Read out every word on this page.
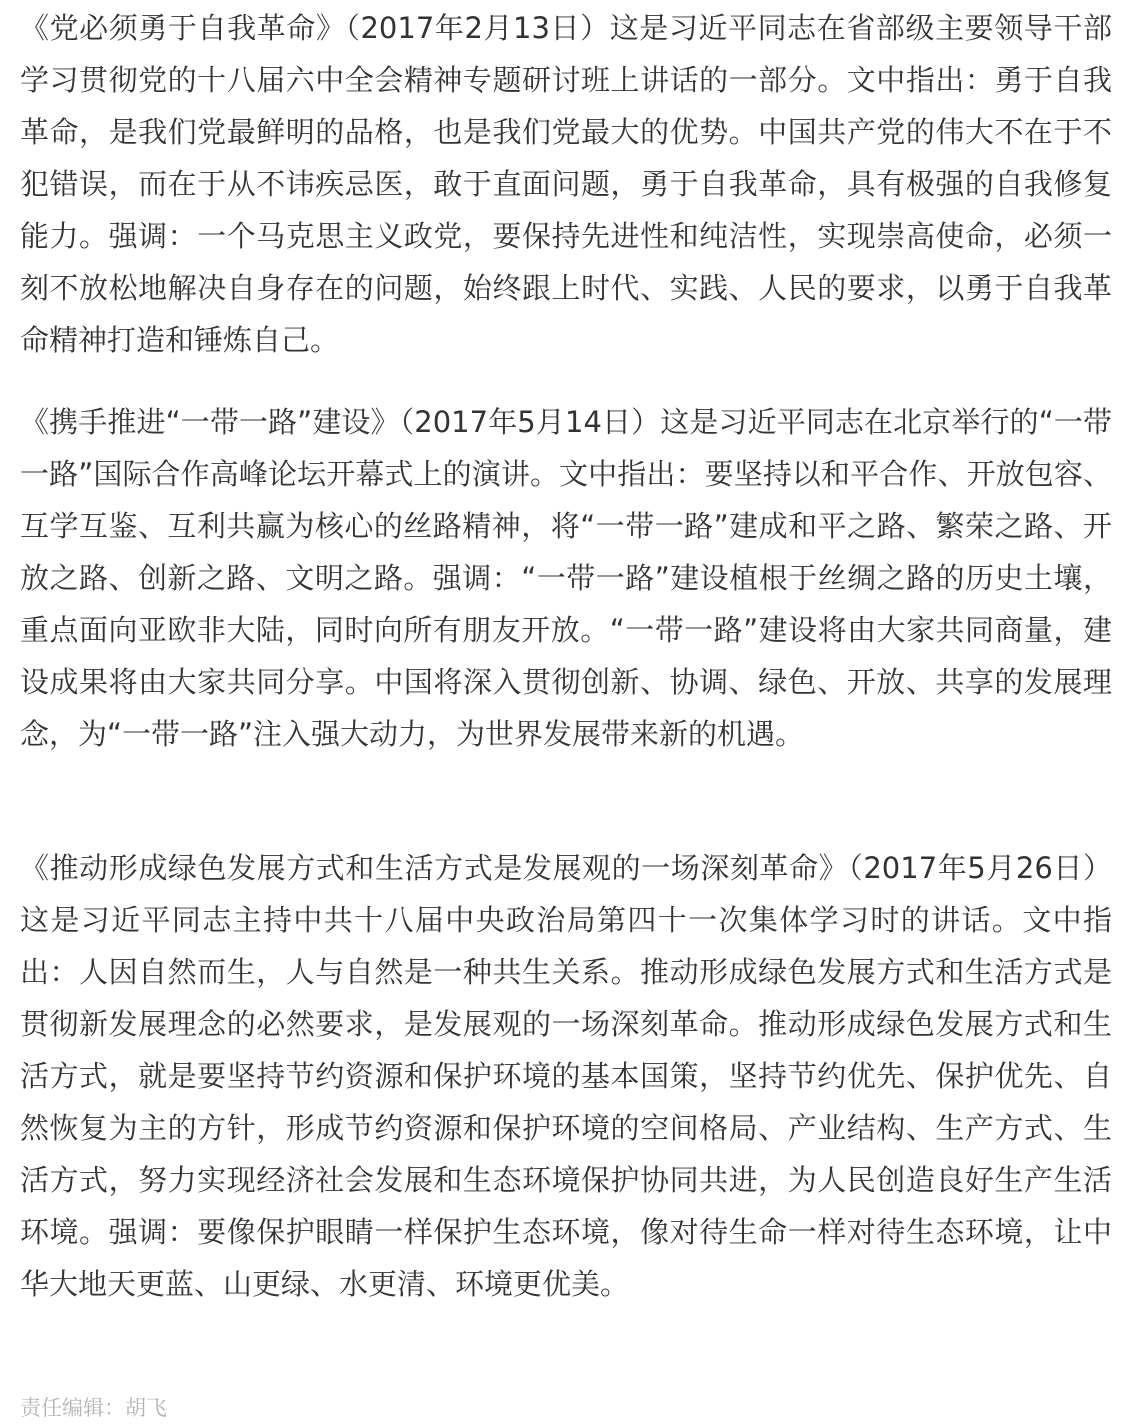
《党必须勇于自我革命》（2017年2月13日）这是习近平同志在省部级主要领导干部学习贯彻党的十八届六中全会精神专题研讨班上讲话的一部分。文中指出：勇于自我革命，是我们党最鲜明的品格，也是我们党最大的优势。中国共产党的伟大不在于不犯错误，而在于从不讳疾忌医，敢于直面问题，勇于自我革命，具有极强的自我修复能力。强调：一个马克思主义政党，要保持先进性和纯洁性，实现崇高使命，必须一刻不放松地解决自身存在的问题，始终跟上时代、实践、人民的要求，以勇于自我革命精神打造和锤炼自己。

《携手推进“一带一路”建设》（2017年5月14日）这是习近平同志在北京举行的“一带一路”国际合作高峰论坛开幕式上的演讲。文中指出：要坚持以和平合作、开放包容、互学互鉴、互利共赢为核心的丝路精神，将“一带一路”建成和平之路、繁荣之路、开放之路、创新之路、文明之路。强调：“一带一路”建设植根于丝绸之路的历史土壤，重点面向亚欧非大陆，同时向所有朋友开放。“一带一路”建设将由大家共同商量，建设成果将由大家共同分享。中国将深入贯彻创新、协调、绿色、开放、共享的发展理念，为“一带一路”注入强大动力，为世界发展带来新的机遇。

《推动形成绿色发展方式和生活方式是发展观的一场深刻革命》（2017年5月26日）这是习近平同志主持中共十八届中央政治局第四十一次集体学习时的讲话。文中指出：人因自然而生，人与自然是一种共生关系。推动形成绿色发展方式和生活方式是贯彻新发展理念的必然要求，是发展观的一场深刻革命。推动形成绿色发展方式和生活方式，就是要坚持节约资源和保护环境的基本国策，坚持节约优先、保护优先、自然恢复为主的方针，形成节约资源和保护环境的空间格局、产业结构、生产方式、生活方式，努力实现经济社会发展和生态环境保护协同共进，为人民创造良好生产生活环境。强调：要像保护眼睛一样保护生态环境，像对待生命一样对待生态环境，让中华大地天更蓝、山更绿、水更清、环境更优美。

责任编辑：胡飞
